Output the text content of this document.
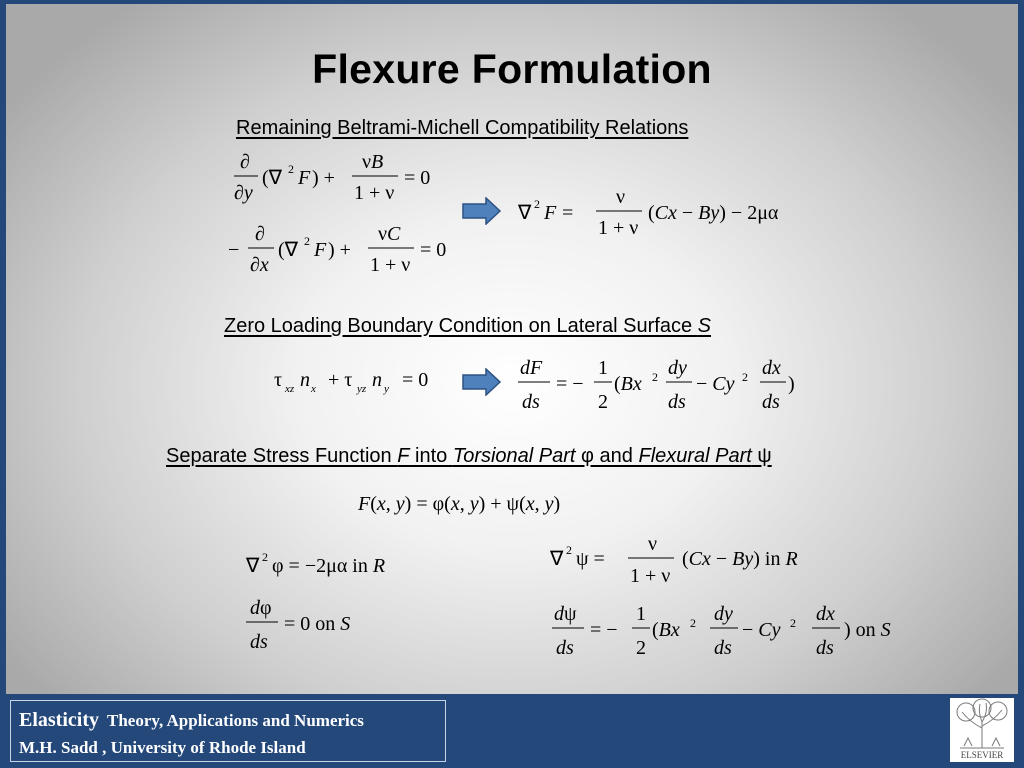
Flexure Formulation
Remaining Beltrami-Michell Compatibility Relations
∂
∂y
(∇ 2 F ) +
νB
1 + ν
= 0
−
∂
∂x
(∇ 2 F ) +
νC
1 + ν
= 0
∇ 2 F =
ν
1 + ν
(Cx − By) − 2μα
Zero Loading Boundary Condition on Lateral Surface S
τ xz n x + τ yz n y = 0
dF
ds
= −
1
2
(Bx 2 dy
ds
− Cy 2 dx
ds
)
Separate Stress Function F into Torsional Part φ and Flexural Part ψ
F(x, y) = φ(x, y) + ψ(x, y)
∇ 2 φ = −2μα in R
dφ
ds
= 0 on S
∇ 2 ψ =
ν
1 + ν
(Cx − By) in R
dψ
ds
= −
1
2
(Bx 2 dy
ds
− Cy 2 dx
ds
) on S
Elasticity Theory, Applications and Numerics
M.H. Sadd , University of Rhode Island	ELSEVIER
